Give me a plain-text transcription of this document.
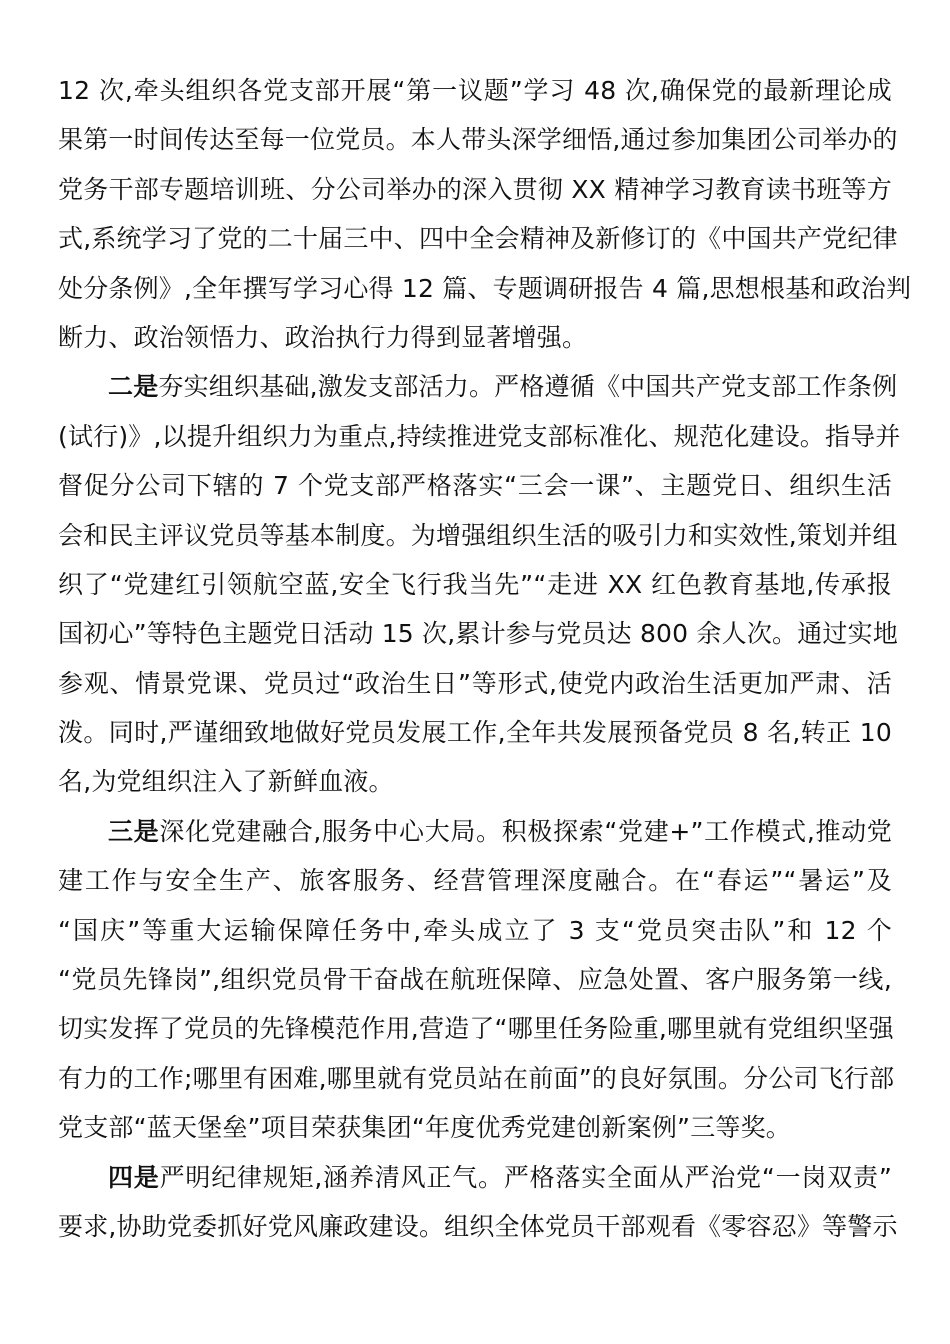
12 次,牵头组织各党支部开展“第一议题”学习 48 次,确保党的最新理论成
果第一时间传达至每一位党员。本人带头深学细悟,通过参加集团公司举办的
党务干部专题培训班、分公司举办的深入贯彻 XX 精神学习教育读书班等方
式,系统学习了党的二十届三中、四中全会精神及新修订的《中国共产党纪律
处分条例》,全年撰写学习心得 12 篇、专题调研报告 4 篇,思想根基和政治判
断力、政治领悟力、政治执行力得到显著增强。
二是夯实组织基础,激发支部活力。严格遵循《中国共产党支部工作条例
(试行)》,以提升组织力为重点,持续推进党支部标准化、规范化建设。指导并
督促分公司下辖的 7 个党支部严格落实“三会一课”、主题党日、组织生活
会和民主评议党员等基本制度。为增强组织生活的吸引力和实效性,策划并组
织了“党建红引领航空蓝,安全飞行我当先”“走进 XX 红色教育基地,传承报
国初心”等特色主题党日活动 15 次,累计参与党员达 800 余人次。通过实地
参观、情景党课、党员过“政治生日”等形式,使党内政治生活更加严肃、活
泼。同时,严谨细致地做好党员发展工作,全年共发展预备党员 8 名,转正 10
名,为党组织注入了新鲜血液。
三是深化党建融合,服务中心大局。积极探索“党建+”工作模式,推动党
建工作与安全生产、旅客服务、经营管理深度融合。在“春运”“暑运”及
“国庆”等重大运输保障任务中,牵头成立了 3 支“党员突击队”和 12 个
“党员先锋岗”,组织党员骨干奋战在航班保障、应急处置、客户服务第一线,
切实发挥了党员的先锋模范作用,营造了“哪里任务险重,哪里就有党组织坚强
有力的工作;哪里有困难,哪里就有党员站在前面”的良好氛围。分公司飞行部
党支部“蓝天堡垒”项目荣获集团“年度优秀党建创新案例”三等奖。
四是严明纪律规矩,涵养清风正气。严格落实全面从严治党“一岗双责”
要求,协助党委抓好党风廉政建设。组织全体党员干部观看《零容忍》等警示
